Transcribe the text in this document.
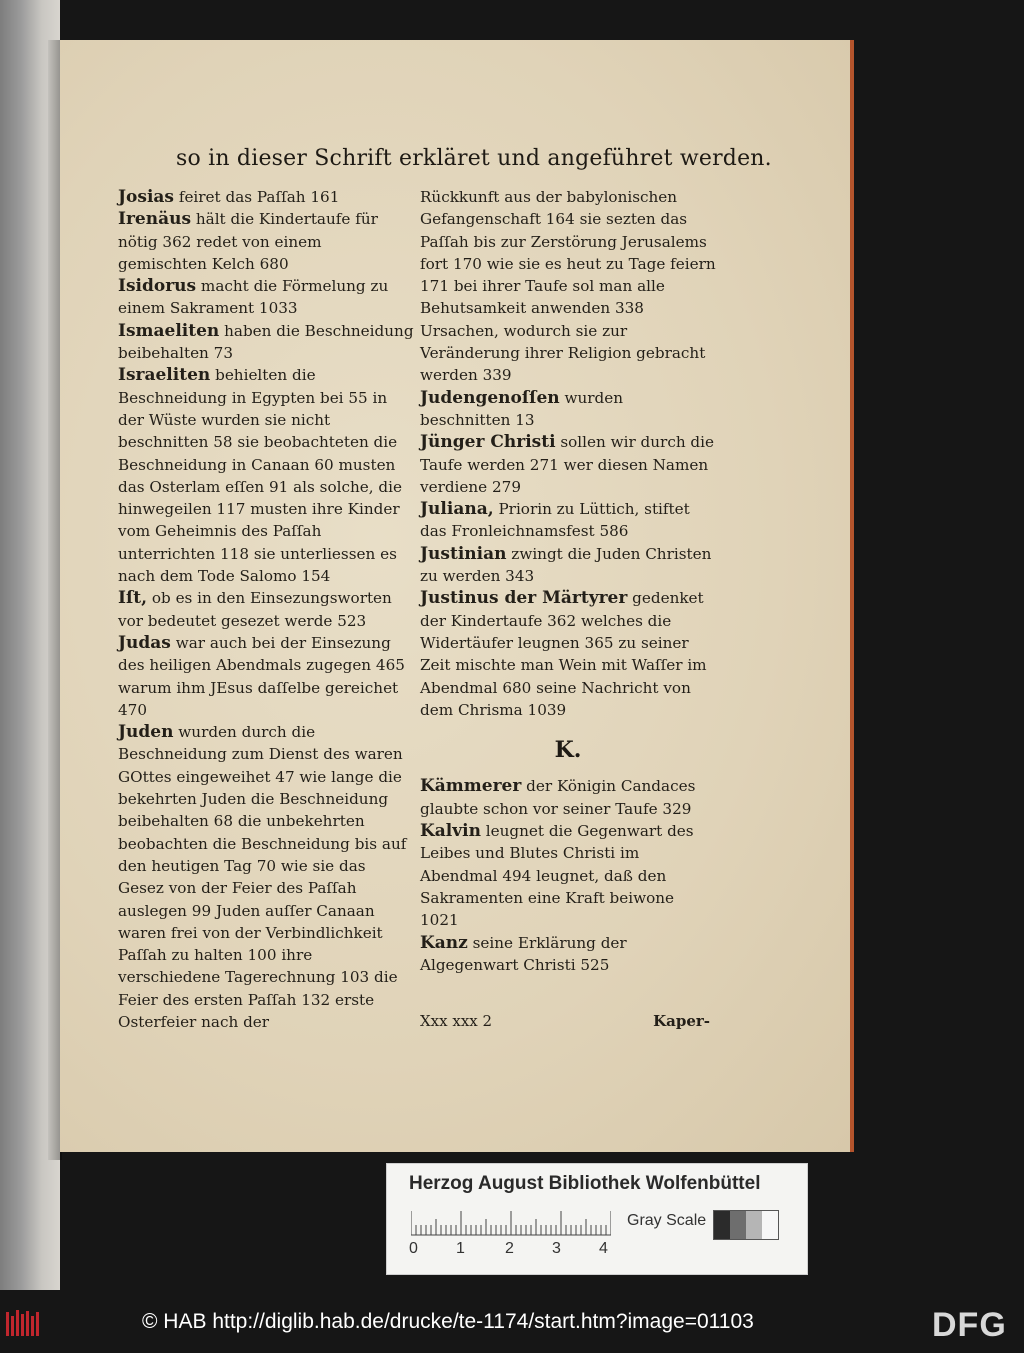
so in dieser Schrift erkläret und angeführet werden.

Josias feiret das Paſſah 161

Irenäus hält die Kindertaufe für nötig 362 redet von einem gemischten Kelch 680

Isidorus macht die Förmelung zu einem Sakrament 1033

Ismaeliten haben die Beschneidung beibehalten 73

Israeliten behielten die Beschneidung in Egypten bei 55 in der Wüste wurden sie nicht beschnitten 58 sie beobachteten die Beschneidung in Canaan 60 musten das Osterlam eſſen 91 als solche, die hinwegeilen 117 musten ihre Kinder vom Geheimnis des Paſſah unterrichten 118 sie unterliessen es nach dem Tode Salomo 154

Iſt, ob es in den Einsezungsworten vor bedeutet gesezet werde 523

Judas war auch bei der Einsezung des heiligen Abendmals zugegen 465 warum ihm JEsus daſſelbe gereichet 470

Juden wurden durch die Beschneidung zum Dienst des waren GOttes eingeweihet 47 wie lange die bekehrten Juden die Beschneidung beibehalten 68 die unbekehrten beobachten die Beschneidung bis auf den heutigen Tag 70 wie sie das Gesez von der Feier des Paſſah auslegen 99 Juden auſſer Canaan waren frei von der Verbindlichkeit Paſſah zu halten 100 ihre verschiedene Tagerechnung 103 die Feier des ersten Paſſah 132 erste Osterfeier nach der

Rückkunft aus der babylonischen Gefangenschaft 164 sie sezten das Paſſah bis zur Zerstörung Jerusalems fort 170 wie sie es heut zu Tage feiern 171 bei ihrer Taufe sol man alle Behutsamkeit anwenden 338 Ursachen, wodurch sie zur Veränderung ihrer Religion gebracht werden 339

Judengenoſſen wurden beschnitten 13

Jünger Christi sollen wir durch die Taufe werden 271 wer diesen Namen verdiene 279

Juliana, Priorin zu Lüttich, stiftet das Fronleichnamsfest 586

Justinian zwingt die Juden Christen zu werden 343

Justinus der Märtyrer gedenket der Kindertaufe 362 welches die Widertäufer leugnen 365 zu seiner Zeit mischte man Wein mit Waſſer im Abendmal 680 seine Nachricht von dem Chrisma 1039

K.

Kämmerer der Königin Candaces glaubte schon vor seiner Taufe 329

Kalvin leugnet die Gegenwart des Leibes und Blutes Christi im Abendmal 494 leugnet, daß den Sakramenten eine Kraft beiwone 1021

Kanz seine Erklärung der Algegenwart Christi 525

Xxx xxx 2	Kaper-
Herzog August Bibliothek Wolfenbüttel
0 1	2 3 4
Gray Scale
© HAB http://diglib.hab.de/drucke/te-1174/start.htm?image=01103	DFG
